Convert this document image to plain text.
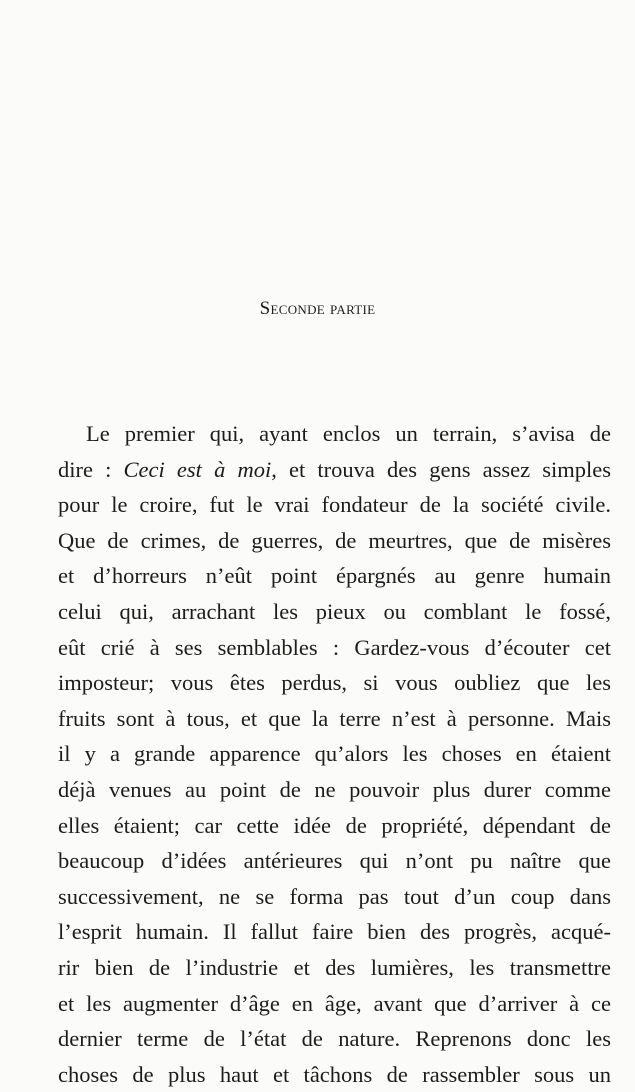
Seconde partie
Le premier qui, ayant enclos un terrain, s’avisa de
dire : Ceci est à moi, et trouva des gens assez simples
pour le croire, fut le vrai fondateur de la société civile.
Que de crimes, de guerres, de meurtres, que de misères
et d’horreurs n’eût point épargnés au genre humain
celui qui, arrachant les pieux ou comblant le fossé,
eût crié à ses semblables : Gardez-vous d’écouter cet
imposteur; vous êtes perdus, si vous oubliez que les
fruits sont à tous, et que la terre n’est à personne. Mais
il y a grande apparence qu’alors les choses en étaient
déjà venues au point de ne pouvoir plus durer comme
elles étaient; car cette idée de propriété, dépendant de
beaucoup d’idées antérieures qui n’ont pu naître que
successivement, ne se forma pas tout d’un coup dans
l’esprit humain. Il fallut faire bien des progrès, acqué-
rir bien de l’industrie et des lumières, les transmettre
et les augmenter d’âge en âge, avant que d’arriver à ce
dernier terme de l’état de nature. Reprenons donc les
choses de plus haut et tâchons de rassembler sous un
